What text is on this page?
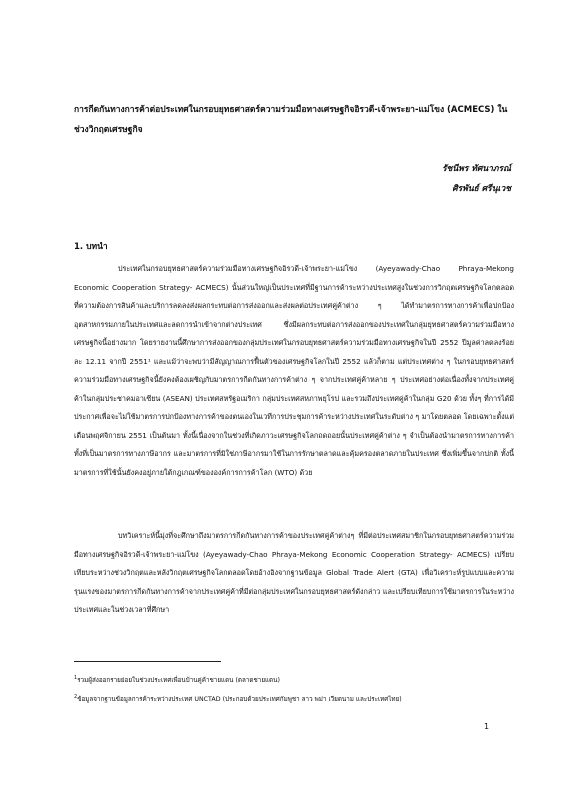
การกีดกันทางการค้าต่อประเทศในกรอบยุทธศาสตร์ความร่วมมือทางเศรษฐกิจอิรวดี-เจ้าพระยา-แม่โขง (ACMECS) ในช่วงวิกฤตเศรษฐกิจ
รัชนีพร ทัศนาภรณ์
ศิรพันธ์ ศรีนุเวช
1. บทนำ
ประเทศในกรอบยุทธศาสตร์ความร่วมมือทางเศรษฐกิจอิรวดี-เจ้าพระยา-แม่โขง (Ayeyawady-Chao Phraya-Mekong Economic Cooperation Strategy- ACMECS) นั้นส่วนใหญ่เป็นประเทศที่มีฐานการค้าระหว่างประเทศสูงในช่วงการวิกฤตเศรษฐกิจโลกตลอดที่ความต้องการสินค้าและบริการลดลงส่งผลกระทบต่อการส่งออกและส่งผลต่อประเทศคู่ค้าต่าง ๆ ได้ทำมาตรการทางการค้าเพื่อปกป้องอุตสาหกรรมภายในประเทศและลดการนำเข้าจากต่างประเทศ ซึ่งมีผลกระทบต่อการส่งออกของประเทศในกลุ่มยุทธศาสตร์ความร่วมมือทางเศรษฐกิจนี้อย่างมาก โดยรายงานนี้ศึกษาการส่งออกของกลุ่มประเทศในกรอบยุทธศาสตร์ความร่วมมือทางเศรษฐกิจในปี 2552 ปีมูลค่าลดลงร้อยละ 12.11 จากปี 2551¹ และแม้ว่าจะพบว่ามีสัญญาณการฟื้นตัวของเศรษฐกิจโลกในปี 2552 แล้วก็ตาม แต่ประเทศต่าง ๆ ในกรอบยุทธศาสตร์ความร่วมมือทางเศรษฐกิจนี้ยังคงต้องเผชิญกับมาตรการกีดกันทางการค้าต่าง ๆ จากประเทศคู่ค้าหลาย ๆ ประเทศอย่างต่อเนื่องทั้งจากประเทศคู่ค้าในกลุ่มประชาคมอาเซียน (ASEAN) ประเทศสหรัฐอเมริกา กลุ่มประเทศสหภาพยุโรป และรวมถึงประเทศคู่ค้าในกลุ่ม G20 ด้วย ทั้งๆ ที่การได้มีประกาศเพื่อจะไม่ใช้มาตรการปกป้องทางการค้าของตนเองในเวทีการประชุมการค้าระหว่างประเทศในระดับต่าง ๆ มาโดยตลอด โดยเฉพาะตั้งแต่เดือนพฤศจิกายน 2551 เป็นต้นมา ทั้งนี้เนื่องจากในช่วงที่เกิดภาวะเศรษฐกิจโลกถดถอยนั้นประเทศคู่ค้าต่าง ๆ จำเป็นต้องนำมาตรการทางการค้า ทั้งที่เป็นมาตรการทางภาษีอากร และมาตรการที่มิใช่ภาษีอากรมาใช้ในการรักษาตลาดและคุ้มครองตลาดภายในประเทศ ซึ่งเพิ่มขึ้นจากปกติ ทั้งนี้มาตรการที่ใช้นั้นยังคงอยู่ภายใต้กฎเกณฑ์ขององค์การการค้าโลก (WTO) ด้วย
บทวิเคราะห์นี้มุ่งที่จะศึกษาถึงมาตรการกีดกันทางการค้าของประเทศคู่ค้าต่างๆ ที่มีต่อประเทศสมาชิกในกรอบยุทธศาสตร์ความร่วมมือทางเศรษฐกิจอิรวดี-เจ้าพระยา-แม่โขง (Ayeyawady-Chao Phraya-Mekong Economic Cooperation Strategy- ACMECS) เปรียบเทียบระหว่างช่วงวิกฤตและหลังวิกฤตเศรษฐกิจโลกตลอดโดยอ้างอิงจากฐานข้อมูล Global Trade Alert (GTA) เพื่อวิเคราะห์รูปแบบและความรุนแรงของมาตรการกีดกันทางการค้าจากประเทศคู่ค้าที่มีต่อกลุ่มประเทศในกรอบยุทธศาสตร์ดังกล่าว และเปรียบเทียบการใช้มาตรการในระหว่างประเทศและในช่วงเวลาที่ศึกษา
$^1$รวมผู้ส่งออกรายย่อยในช่วงประเทศเพื่อนบ้านคู่ค้าชายแดน (ตลาดชายแดน)
$^2$ข้อมูลจากฐานข้อมูลการค้าระหว่างประเทศ UNCTAD (ประกอบด้วยประเทศกัมพูชา ลาว พม่า เวียดนาม และประเทศไทย)
1
